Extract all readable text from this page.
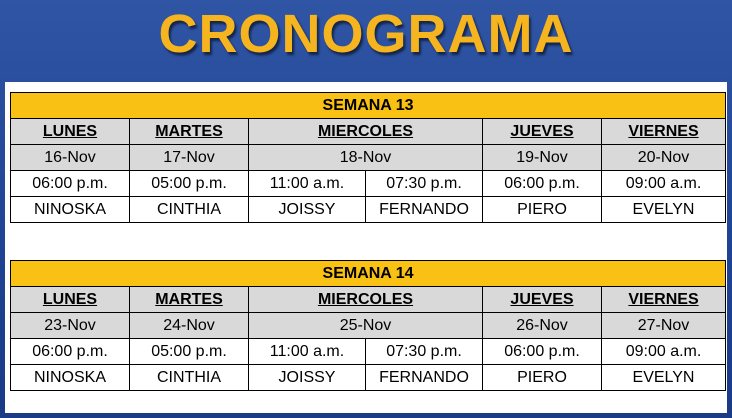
CRONOGRAMA
SEMANA 13					
LUNES	MARTES	MIERCOLES		JUEVES	VIERNES
16-Nov	17-Nov	18-Nov		19-Nov	20-Nov
06:00 p.m.	05:00 p.m.	11:00 a.m.	07:30 p.m.	06:00 p.m.	09:00 a.m.
NINOSKA	CINTHIA	JOISSY	FERNANDO	PIERO	EVELYN
SEMANA 14					
LUNES	MARTES	MIERCOLES		JUEVES	VIERNES
23-Nov	24-Nov	25-Nov		26-Nov	27-Nov
06:00 p.m.	05:00 p.m.	11:00 a.m.	07:30 p.m.	06:00 p.m.	09:00 a.m.
NINOSKA	CINTHIA	JOISSY	FERNANDO	PIERO	EVELYN
